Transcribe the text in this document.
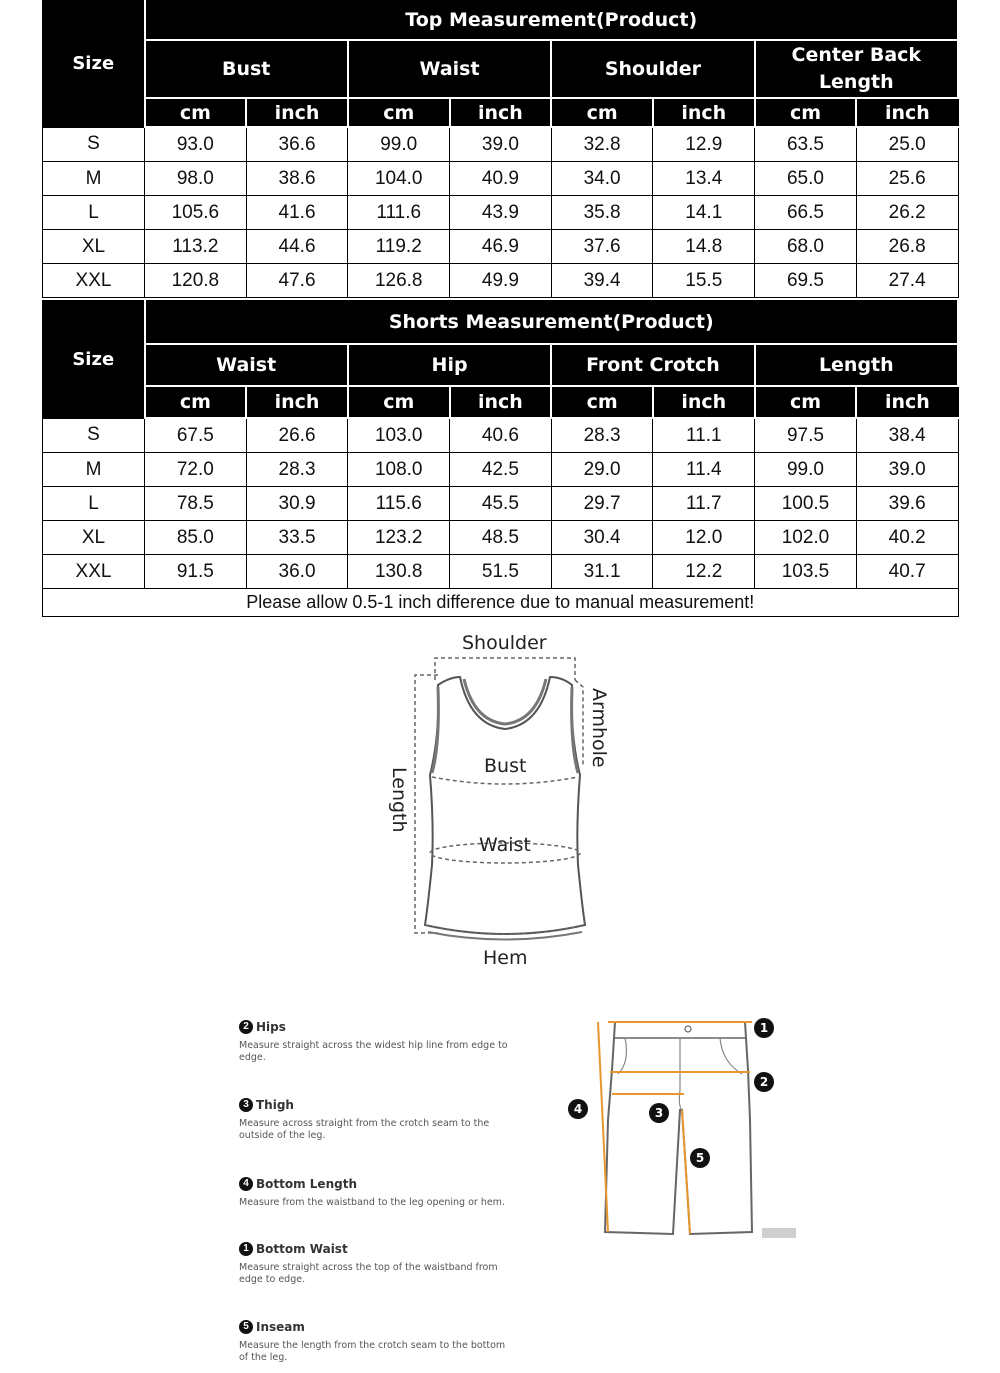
Size	Top Measurement(Product)							
	Bust		Waist		Shoulder		Center Back Length	
	cm	inch	cm	inch	cm	inch	cm	inch
S	93.0	36.6	99.0	39.0	32.8	12.9	63.5	25.0
M	98.0	38.6	104.0	40.9	34.0	13.4	65.0	25.6
L	105.6	41.6	111.6	43.9	35.8	14.1	66.5	26.2
XL	113.2	44.6	119.2	46.9	37.6	14.8	68.0	26.8
XXL	120.8	47.6	126.8	49.9	39.4	15.5	69.5	27.4
Size	Shorts Measurement(Product)							
	Waist		Hip		Front Crotch		Length	
	cm	inch	cm	inch	cm	inch	cm	inch
S	67.5	26.6	103.0	40.6	28.3	11.1	97.5	38.4
M	72.0	28.3	108.0	42.5	29.0	11.4	99.0	39.0
L	78.5	30.9	115.6	45.5	29.7	11.7	100.5	39.6
XL	85.0	33.5	123.2	48.5	30.4	12.0	102.0	40.2
XXL	91.5	36.0	130.8	51.5	31.1	12.2	103.5	40.7
Please allow 0.5-1 inch difference due to manual measurement!								
Shoulder
Armhole
Bust
Waist
Length
Hem
2 Hips
Measure straight across the widest hip line from edge to edge.
3 Thigh
Measure across straight from the crotch seam to the outside of the leg.
4 Bottom Length
Measure from the waistband to the leg opening or hem.
1 Bottom Waist
Measure straight across the top of the waistband from edge to edge.
5 Inseam
Measure the length from the crotch seam to the bottom of the leg.
1
2
3
4
5
